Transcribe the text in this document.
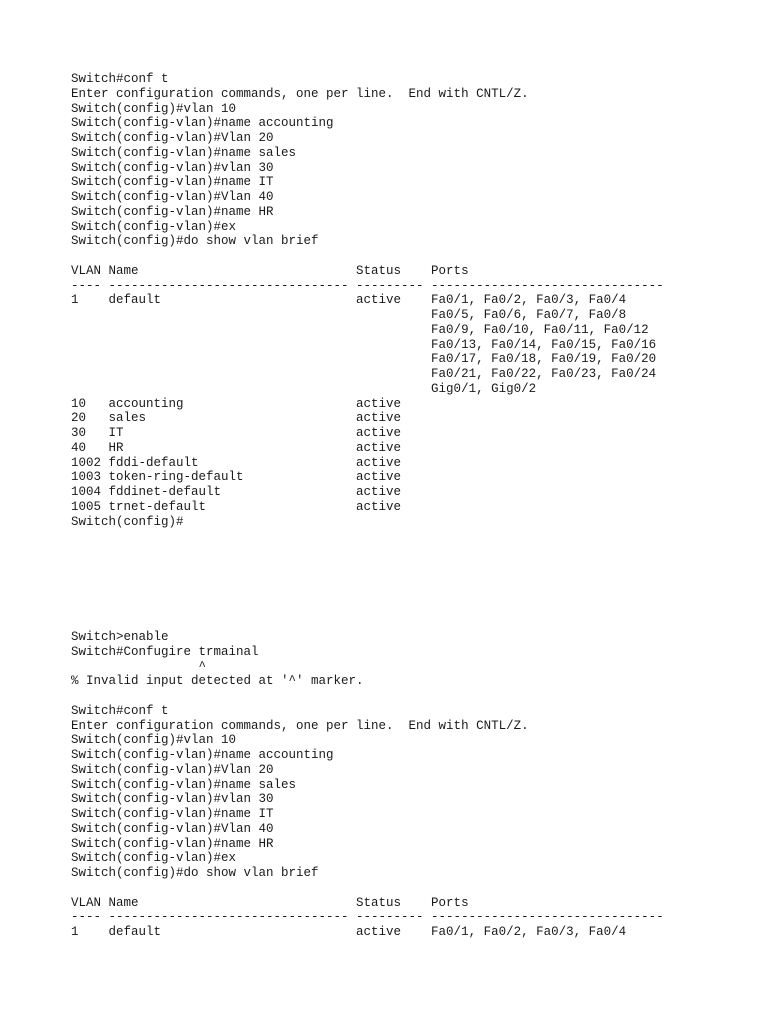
Switch#conf t
Enter configuration commands, one per line.  End with CNTL/Z.
Switch(config)#vlan 10
Switch(config-vlan)#name accounting
Switch(config-vlan)#Vlan 20
Switch(config-vlan)#name sales
Switch(config-vlan)#vlan 30
Switch(config-vlan)#name IT
Switch(config-vlan)#Vlan 40
Switch(config-vlan)#name HR
Switch(config-vlan)#ex
Switch(config)#do show vlan brief

VLAN Name                             Status    Ports
---- -------------------------------- --------- -------------------------------
1    default                          active    Fa0/1, Fa0/2, Fa0/3, Fa0/4
Fa0/5, Fa0/6, Fa0/7, Fa0/8
Fa0/9, Fa0/10, Fa0/11, Fa0/12
Fa0/13, Fa0/14, Fa0/15, Fa0/16
Fa0/17, Fa0/18, Fa0/19, Fa0/20
Fa0/21, Fa0/22, Fa0/23, Fa0/24
Gig0/1, Gig0/2
10   accounting                       active
20   sales                            active
30   IT                               active
40   HR                               active
1002 fddi-default                     active
1003 token-ring-default               active
1004 fddinet-default                  active
1005 trnet-default                    active
Switch(config)#
Switch>enable
Switch#Confugire trmainal
^
% Invalid input detected at '^' marker.

Switch#conf t
Enter configuration commands, one per line.  End with CNTL/Z.
Switch(config)#vlan 10
Switch(config-vlan)#name accounting
Switch(config-vlan)#Vlan 20
Switch(config-vlan)#name sales
Switch(config-vlan)#vlan 30
Switch(config-vlan)#name IT
Switch(config-vlan)#Vlan 40
Switch(config-vlan)#name HR
Switch(config-vlan)#ex
Switch(config)#do show vlan brief

VLAN Name                             Status    Ports
---- -------------------------------- --------- -------------------------------
1    default                          active    Fa0/1, Fa0/2, Fa0/3, Fa0/4
